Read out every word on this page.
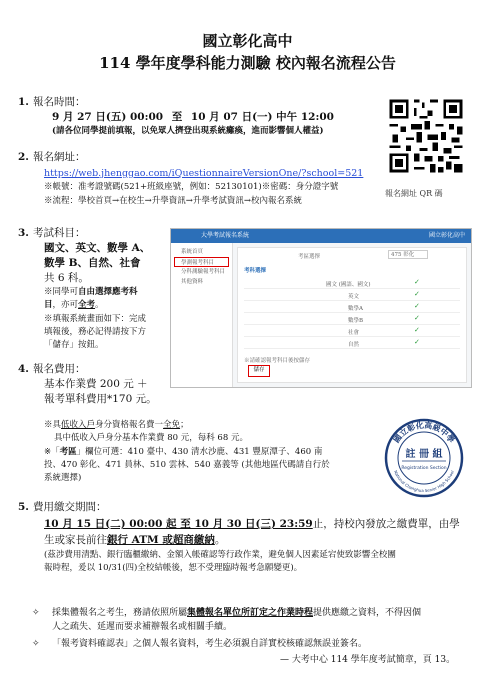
國立彰化高中
114 學年度學科能力測驗 校內報名流程公告
1. 報名時間：
9 月 27 日(五) 00:00 至 10 月 07 日(一) 中午 12:00
(請各位同學提前填報，以免眾人擠登出現系統癱瘓，進而影響個人權益)
報名網址 QR 碼
2. 報名網址：
https://web.jhenggao.com/iQuestionnaireVersionOne/?school=521
※帳號：准考證號碼(521+班級座號，例如：52130101)※密碼：身分證字號
※流程：學校首頁→在校生→升學資訊→升學考試資訊→校內報名系統
3. 考試科目：
國文、英文、數學 A、
數學 B、自然、社會
共 6 科。
※同學可自由選擇應考科
目，亦可全考。
※填報系統畫面如下：完成
填報後，務必記得請按下方
「儲存」按鈕。
大學考試報名系統	國立彰化高中
系統首頁
學測報考科目
分科測驗報考科目
其他資料
考區選擇	475 彰化
考科選擇
國文 (國語、國文)	✓
英文	✓
數學A	✓
數學B	✓
社會	✓
自然	✓
※請確認報考科目後按儲存
儲存
4. 報名費用：
基本作業費 200 元 ＋
報考單科費用*170 元。
※具低收入戶身分資格報名費一全免；
具中低收入戶身分基本作業費 80 元，每科 68 元。
※「考區」欄位可選：410 臺中、430 清水沙鹿、431 豐原潭子、460 南
投、470 彰化、471 員林、510 雲林、540 嘉義等 (其他地區代碼請自行於
系統選擇)
國立彰化高級中學
National Changhua Senior High School
註 冊 組
Registration Section
5. 費用繳交期間：
10 月 15 日(二) 00:00 起 至 10 月 30 日(三) 23:59止，持校內發放之繳費單，由學
生或家長前往銀行 ATM 或超商繳納。
(茲涉費用清點、銀行臨櫃繳納、金額入帳確認等行政作業，避免個人因素延宕使致影響全校團
報時程，爰以 10/31(四)全校結帳後，恕不受理臨時報考急願變更)。
✧ 採集體報名之考生，務請依照所屬集體報名單位所訂定之作業時程提供應繳之資料，不得因個
人之疏失、延遲而要求補辦報名或相關手續。
✧ 「報考資料確認表」之個人報名資料，考生必須親自詳實校核確認無誤並簽名。
— 大考中心 114 學年度考試簡章，頁 13。
